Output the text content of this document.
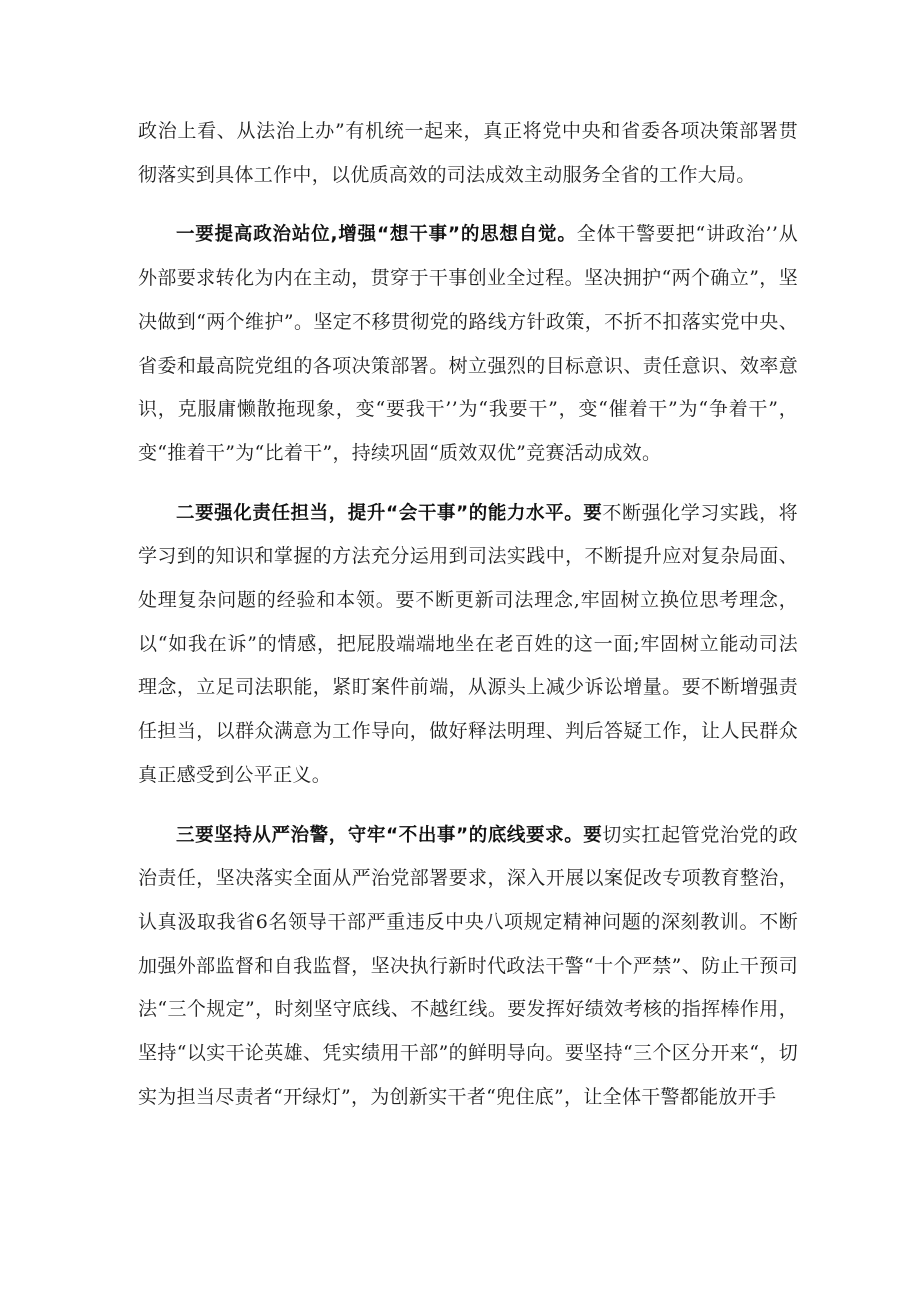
政治上看、从法治上办”有机统一起来，真正将党中央和省委各项决策部署贯彻落实到具体工作中，以优质高效的司法成效主动服务全省的工作大局。

一要提高政治站位,增强“想干事”的思想自觉。全体干警要把“讲政治’’从外部要求转化为内在主动，贯穿于干事创业全过程。坚决拥护“两个确立”，坚决做到“两个维护”。坚定不移贯彻党的路线方针政策，不折不扣落实党中央、省委和最高院党组的各项决策部署。树立强烈的目标意识、责任意识、效率意识，克服庸懒散拖现象，变“要我干’’为“我要干”，变“催着干”为“争着干”，变“推着干”为“比着干”，持续巩固“质效双优”竞赛活动成效。

二要强化责任担当，提升“会干事”的能力水平。要不断强化学习实践，将学习到的知识和掌握的方法充分运用到司法实践中，不断提升应对复杂局面、处理复杂问题的经验和本领。要不断更新司法理念,牢固树立换位思考理念，以“如我在诉”的情感，把屁股端端地坐在老百姓的这一面;牢固树立能动司法理念，立足司法职能，紧盯案件前端，从源头上减少诉讼增量。要不断增强责任担当，以群众满意为工作导向，做好释法明理、判后答疑工作，让人民群众真正感受到公平正义。

三要坚持从严治警，守牢“不出事”的底线要求。要切实扛起管党治党的政治责任，坚决落实全面从严治党部署要求，深入开展以案促改专项教育整治，认真汲取我省6名领导干部严重违反中央八项规定精神问题的深刻教训。不断加强外部监督和自我监督，坚决执行新时代政法干警“十个严禁”、防止干预司法“三个规定”，时刻坚守底线、不越红线。要发挥好绩效考核的指挥棒作用，坚持“以实干论英雄、凭实绩用干部”的鲜明导向。要坚持“三个区分开来“，切实为担当尽责者“开绿灯”，为创新实干者“兜住底”，让全体干警都能放开手
